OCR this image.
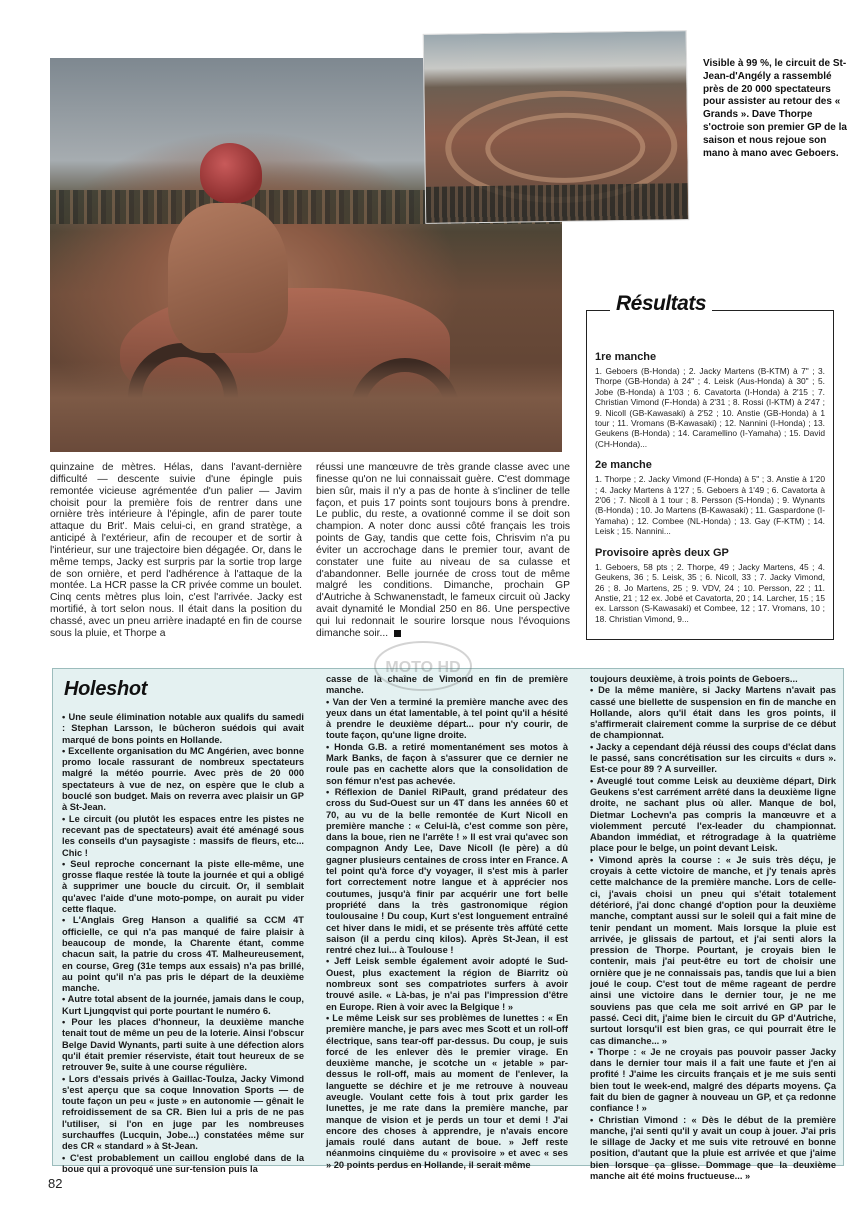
Visible à 99 %, le circuit de St-Jean-d'Angély a rassemblé près de 20 000 spectateurs pour assister au retour des « Grands ». Dave Thorpe s'octroie son premier GP de la saison et nous rejoue son mano à mano avec Geboers.
1re manche

1. Geboers (B-Honda) ; 2. Jacky Martens (B-KTM) à 7" ; 3. Thorpe (GB-Honda) à 24" ; 4. Leisk (Aus-Honda) à 30" ; 5. Jobe (B-Honda) à 1'03 ; 6. Cavatorta (I-Honda) à 2'15 ; 7. Christian Vimond (F-Honda) à 2'31 ; 8. Rossi (I-KTM) à 2'47 ; 9. Nicoll (GB-Kawasaki) à 2'52 ; 10. Anstie (GB-Honda) à 1 tour ; 11. Vromans (B-Kawasaki) ; 12. Nannini (I-Honda) ; 13. Geukens (B-Honda) ; 14. Caramellino (I-Yamaha) ; 15. David (CH-Honda)...

2e manche

1. Thorpe ; 2. Jacky Vimond (F-Honda) à 5" ; 3. Anstie à 1'20 ; 4. Jacky Martens à 1'27 ; 5. Geboers à 1'49 ; 6. Cavatorta à 2'06 ; 7. Nicoll à 1 tour ; 8. Persson (S-Honda) ; 9. Wynants (B-Honda) ; 10. Jo Martens (B-Kawasaki) ; 11. Gaspardone (I-Yamaha) ; 12. Combee (NL-Honda) ; 13. Gay (F-KTM) ; 14. Leisk ; 15. Nannini...

Provisoire après deux GP

1. Geboers, 58 pts ; 2. Thorpe, 49 ; Jacky Martens, 45 ; 4. Geukens, 36 ; 5. Leisk, 35 ; 6. Nicoll, 33 ; 7. Jacky Vimond, 26 ; 8. Jo Martens, 25 ; 9. VDV, 24 ; 10. Persson, 22 ; 11. Anstie, 21 ; 12 ex. Jobé et Cavatorta, 20 ; 14. Larcher, 15 ; 15 ex. Larsson (S-Kawasaki) et Combee, 12 ; 17. Vromans, 10 ; 18. Christian Vimond, 9...

Résultats
quinzaine de mètres. Hélas, dans l'avant-dernière difficulté — descente suivie d'une épingle puis remontée vicieuse agrémentée d'un palier — Javim choisit pour la première fois de rentrer dans une ornière très intérieure à l'épingle, afin de parer toute attaque du Brit'. Mais celui-ci, en grand stratège, a anticipé à l'extérieur, afin de recouper et de sortir à l'intérieur, sur une trajectoire bien dégagée. Or, dans le même temps, Jacky est surpris par la sortie trop large de son ornière, et perd l'adhérence à l'attaque de la montée. La HCR passe la CR privée comme un boulet. Cinq cents mètres plus loin, c'est l'arrivée. Jacky est mortifié, à tort selon nous. Il était dans la position du chassé, avec un pneu arrière inadapté en fin de course sous la pluie, et Thorpe a
réussi une manœuvre de très grande classe avec une finesse qu'on ne lui connaissait guère. C'est dommage bien sûr, mais il n'y a pas de honte à s'incliner de telle façon, et puis 17 points sont toujours bons à prendre. Le public, du reste, a ovationné comme il se doit son champion. A noter donc aussi côté français les trois points de Gay, tandis que cette fois, Chrisvim n'a pu éviter un accrochage dans le premier tour, avant de constater une fuite au niveau de sa culasse et d'abandonner. Belle journée de cross tout de même malgré les conditions. Dimanche, prochain GP d'Autriche à Schwanenstadt, le fameux circuit où Jacky avait dynamité le Mondial 250 en 86. Une perspective qui lui redonnait le sourire lorsque nous l'évoquions dimanche soir...
Holeshot

• Une seule élimination notable aux qualifs du samedi : Stephan Larsson, le bûcheron suédois qui avait marqué de bons points en Hollande.

• Excellente organisation du MC Angérien, avec bonne promo locale rassurant de nombreux spectateurs malgré la météo pourrie. Avec près de 20 000 spectateurs à vue de nez, on espère que le club a bouclé son budget. Mais on reverra avec plaisir un GP à St-Jean.

• Le circuit (ou plutôt les espaces entre les pistes ne recevant pas de spectateurs) avait été aménagé sous les conseils d'un paysagiste : massifs de fleurs, etc... Chic !

• Seul reproche concernant la piste elle-même, une grosse flaque restée là toute la journée et qui a obligé à supprimer une boucle du circuit. Or, il semblait qu'avec l'aide d'une moto-pompe, on aurait pu vider cette flaque.

• L'Anglais Greg Hanson a qualifié sa CCM 4T officielle, ce qui n'a pas manqué de faire plaisir à beaucoup de monde, la Charente étant, comme chacun sait, la patrie du cross 4T. Malheureusement, en course, Greg (31e temps aux essais) n'a pas brillé, au point qu'il n'a pas pris le départ de la deuxième manche.

• Autre total absent de la journée, jamais dans le coup, Kurt Ljungqvist qui porte pourtant le numéro 6.

• Pour les places d'honneur, la deuxième manche tenait tout de même un peu de la loterie. Ainsi l'obscur Belge David Wynants, parti suite à une défection alors qu'il était premier réserviste, était tout heureux de se retrouver 9e, suite à une course régulière.

• Lors d'essais privés à Gaillac-Toulza, Jacky Vimond s'est aperçu que sa coque Innovation Sports — de toute façon un peu « juste » en autonomie — gênait le refroidissement de sa CR. Bien lui a pris de ne pas l'utiliser, si l'on en juge par les nombreuses surchauffes (Lucquin, Jobe...) constatées même sur des CR « standard » à St-Jean.

• C'est probablement un caillou englobé dans de la boue qui a provoqué une sur-tension puis la

casse de la chaîne de Vimond en fin de première manche.

• Van der Ven a terminé la première manche avec des yeux dans un état lamentable, à tel point qu'il a hésité à prendre le deuxième départ... pour n'y courir, de toute façon, qu'une ligne droite.

• Honda G.B. a retiré momentanément ses motos à Mark Banks, de façon à s'assurer que ce dernier ne roule pas en cachette alors que la consolidation de son fémur n'est pas achevée.

• Réflexion de Daniel RiPault, grand prédateur des cross du Sud-Ouest sur un 4T dans les années 60 et 70, au vu de la belle remontée de Kurt Nicoll en première manche : « Celui-là, c'est comme son père, dans la boue, rien ne l'arrête ! » Il est vrai qu'avec son compagnon Andy Lee, Dave Nicoll (le père) a dû gagner plusieurs centaines de cross inter en France. A tel point qu'à force d'y voyager, il s'est mis à parler fort correctement notre langue et à apprécier nos coutumes, jusqu'à finir par acquérir une fort belle propriété dans la très gastronomique région toulousaine ! Du coup, Kurt s'est longuement entraîné cet hiver dans le midi, et se présente très affûté cette saison (il a perdu cinq kilos). Après St-Jean, il est rentré chez lui... à Toulouse !

• Jeff Leisk semble également avoir adopté le Sud-Ouest, plus exactement la région de Biarritz où nombreux sont ses compatriotes surfers à avoir trouvé asile. « Là-bas, je n'ai pas l'impression d'être en Europe. Rien à voir avec la Belgique ! »

• Le même Leisk sur ses problèmes de lunettes : « En première manche, je pars avec mes Scott et un roll-off électrique, sans tear-off par-dessus. Du coup, je suis forcé de les enlever dès le premier virage. En deuxième manche, je scotche un « jetable » par-dessus le roll-off, mais au moment de l'enlever, la languette se déchire et je me retrouve à nouveau aveugle. Voulant cette fois à tout prix garder les lunettes, je me rate dans la première manche, par manque de vision et je perds un tour et demi ! J'ai encore des choses à apprendre, je n'avais encore jamais roulé dans autant de boue. » Jeff reste néanmoins cinquième du « provisoire » et avec « ses » 20 points perdus en Hollande, il serait même

toujours deuxième, à trois points de Geboers...

• De la même manière, si Jacky Martens n'avait pas cassé une biellette de suspension en fin de manche en Hollande, alors qu'il était dans les gros points, il s'affirmerait clairement comme la surprise de ce début de championnat.

• Jacky a cependant déjà réussi des coups d'éclat dans le passé, sans concrétisation sur les circuits « durs ». Est-ce pour 89 ? A surveiller.

• Aveuglé tout comme Leisk au deuxième départ, Dirk Geukens s'est carrément arrêté dans la deuxième ligne droite, ne sachant plus où aller. Manque de bol, Dietmar Lochevn'a pas compris la manœuvre et a violemment percuté l'ex-leader du championnat. Abandon immédiat, et rétrogradage à la quatrième place pour le belge, un point devant Leisk.

• Vimond après la course : « Je suis très déçu, je croyais à cette victoire de manche, et j'y tenais après cette malchance de la première manche. Lors de celle-ci, j'avais choisi un pneu qui s'était totalement détérioré, j'ai donc changé d'option pour la deuxième manche, comptant aussi sur le soleil qui a fait mine de tenir pendant un moment. Mais lorsque la pluie est arrivée, je glissais de partout, et j'ai senti alors la pression de Thorpe. Pourtant, je croyais bien le contenir, mais j'ai peut-être eu tort de choisir une ornière que je ne connaissais pas, tandis que lui a bien joué le coup. C'est tout de même rageant de perdre ainsi une victoire dans le dernier tour, je ne me souviens pas que cela me soit arrivé en GP par le passé. Ceci dit, j'aime bien le circuit du GP d'Autriche, surtout lorsqu'il est bien gras, ce qui pourrait être le cas dimanche... »

• Thorpe : « Je ne croyais pas pouvoir passer Jacky dans le dernier tour mais il a fait une faute et j'en ai profité ! J'aime les circuits français et je me suis senti bien tout le week-end, malgré des départs moyens. Ça fait du bien de gagner à nouveau un GP, et ça redonne confiance ! »

• Christian Vimond : « Dès le début de la première manche, j'ai senti qu'il y avait un coup à jouer. J'ai pris le sillage de Jacky et me suis vite retrouvé en bonne position, d'autant que la pluie est arrivée et que j'aime bien lorsque ça glisse. Dommage que la deuxième manche ait été moins fructueuse... »

MOTO HD
82
